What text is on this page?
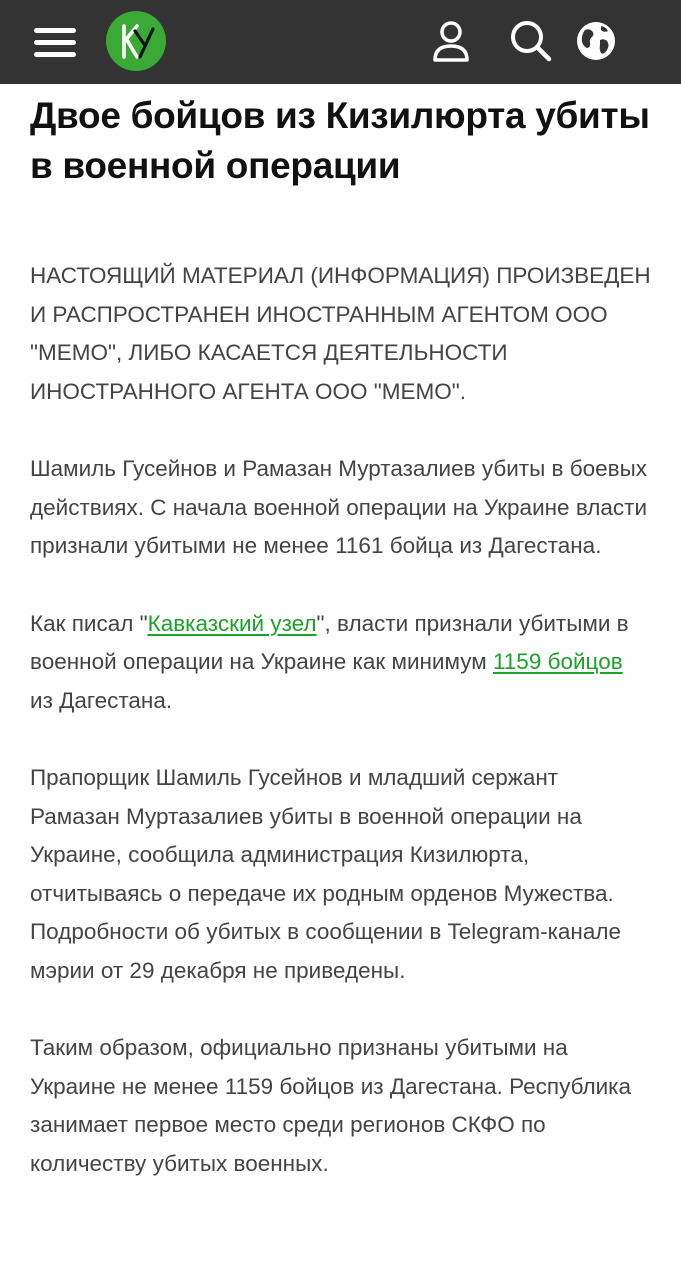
Двое бойцов из Кизилюрта убиты в военной операции

НАСТОЯЩИЙ МАТЕРИАЛ (ИНФОРМАЦИЯ) ПРОИЗВЕДЕН И РАСПРОСТРАНЕН ИНОСТРАННЫМ АГЕНТОМ ООО "МЕМО", ЛИБО КАСАЕТСЯ ДЕЯТЕЛЬНОСТИ ИНОСТРАННОГО АГЕНТА ООО "МЕМО".

Шамиль Гусейнов и Рамазан Муртазалиев убиты в боевых действиях. С начала военной операции на Украине власти признали убитыми не менее 1161 бойца из Дагестана.

Как писал "Кавказский узел", власти признали убитыми в военной операции на Украине как минимум 1159 бойцов из Дагестана.

Прапорщик Шамиль Гусейнов и младший сержант Рамазан Муртазалиев убиты в военной операции на Украине, сообщила администрация Кизилюрта, отчитываясь о передаче их родным орденов Мужества. Подробности об убитых в сообщении в Telegram-канале мэрии от 29 декабря не приведены.

Таким образом, официально признаны убитыми на Украине не менее 1159 бойцов из Дагестана. Республика занимает первое место среди регионов СКФО по количеству убитых военных.
